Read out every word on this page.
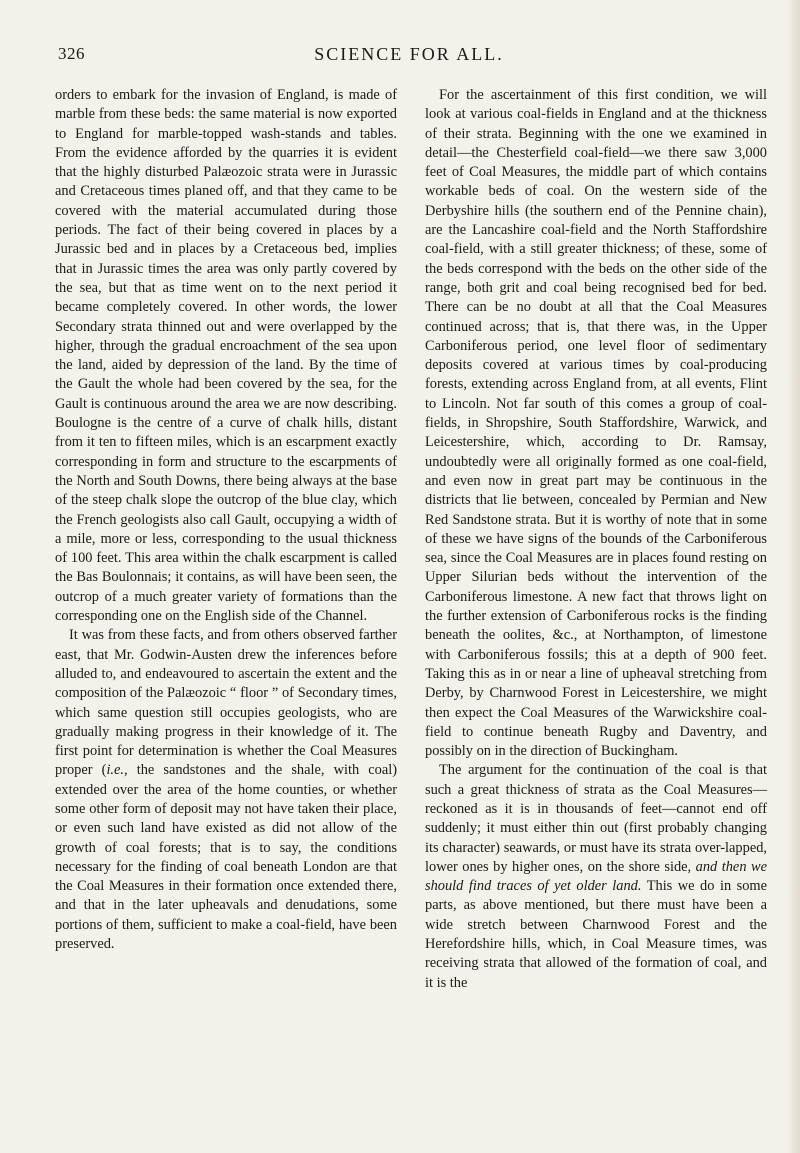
326	SCIENCE FOR ALL.

orders to embark for the invasion of England, is made of marble from these beds: the same material is now exported to England for marble-topped wash-stands and tables. From the evidence afforded by the quarries it is evident that the highly disturbed Palæozoic strata were in Jurassic and Cretaceous times planed off, and that they came to be covered with the material accumulated during those periods. The fact of their being covered in places by a Jurassic bed and in places by a Cretaceous bed, implies that in Jurassic times the area was only partly covered by the sea, but that as time went on to the next period it became completely covered. In other words, the lower Secondary strata thinned out and were overlapped by the higher, through the gradual encroachment of the sea upon the land, aided by depression of the land. By the time of the Gault the whole had been covered by the sea, for the Gault is continuous around the area we are now describing. Boulogne is the centre of a curve of chalk hills, distant from it ten to fifteen miles, which is an escarpment exactly corresponding in form and structure to the escarpments of the North and South Downs, there being always at the base of the steep chalk slope the outcrop of the blue clay, which the French geologists also call Gault, occupying a width of a mile, more or less, corresponding to the usual thickness of 100 feet. This area within the chalk escarpment is called the Bas Boulonnais; it contains, as will have been seen, the outcrop of a much greater variety of formations than the corresponding one on the English side of the Channel.

It was from these facts, and from others observed farther east, that Mr. Godwin-Austen drew the inferences before alluded to, and endeavoured to ascertain the extent and the composition of the Palæozoic “ floor ” of Secondary times, which same question still occupies geologists, who are gradually making progress in their knowledge of it. The first point for determination is whether the Coal Measures proper (i.e., the sandstones and the shale, with coal) extended over the area of the home counties, or whether some other form of deposit may not have taken their place, or even such land have existed as did not allow of the growth of coal forests; that is to say, the conditions necessary for the finding of coal beneath London are that the Coal Measures in their formation once extended there, and that in the later upheavals and denudations, some portions of them, sufficient to make a coal-field, have been preserved.

For the ascertainment of this first condition, we will look at various coal-fields in England and at the thickness of their strata. Beginning with the one we examined in detail—the Chesterfield coal-field—we there saw 3,000 feet of Coal Measures, the middle part of which contains workable beds of coal. On the western side of the Derbyshire hills (the southern end of the Pennine chain), are the Lancashire coal-field and the North Staffordshire coal-field, with a still greater thickness; of these, some of the beds correspond with the beds on the other side of the range, both grit and coal being recognised bed for bed. There can be no doubt at all that the Coal Measures continued across; that is, that there was, in the Upper Carboniferous period, one level floor of sedimentary deposits covered at various times by coal-producing forests, extending across England from, at all events, Flint to Lincoln. Not far south of this comes a group of coal-fields, in Shropshire, South Staffordshire, Warwick, and Leicestershire, which, according to Dr. Ramsay, undoubtedly were all originally formed as one coal-field, and even now in great part may be continuous in the districts that lie between, concealed by Permian and New Red Sandstone strata. But it is worthy of note that in some of these we have signs of the bounds of the Carboniferous sea, since the Coal Measures are in places found resting on Upper Silurian beds without the intervention of the Carboniferous limestone. A new fact that throws light on the further extension of Carboniferous rocks is the finding beneath the oolites, &c., at Northampton, of limestone with Carboniferous fossils; this at a depth of 900 feet. Taking this as in or near a line of upheaval stretching from Derby, by Charnwood Forest in Leicestershire, we might then expect the Coal Measures of the Warwickshire coal-field to continue beneath Rugby and Daventry, and possibly on in the direction of Buckingham.

The argument for the continuation of the coal is that such a great thickness of strata as the Coal Measures—reckoned as it is in thousands of feet—cannot end off suddenly; it must either thin out (first probably changing its character) seawards, or must have its strata over-lapped, lower ones by higher ones, on the shore side, and then we should find traces of yet older land. This we do in some parts, as above mentioned, but there must have been a wide stretch between Charnwood Forest and the Herefordshire hills, which, in Coal Measure times, was receiving strata that allowed of the formation of coal, and it is the
